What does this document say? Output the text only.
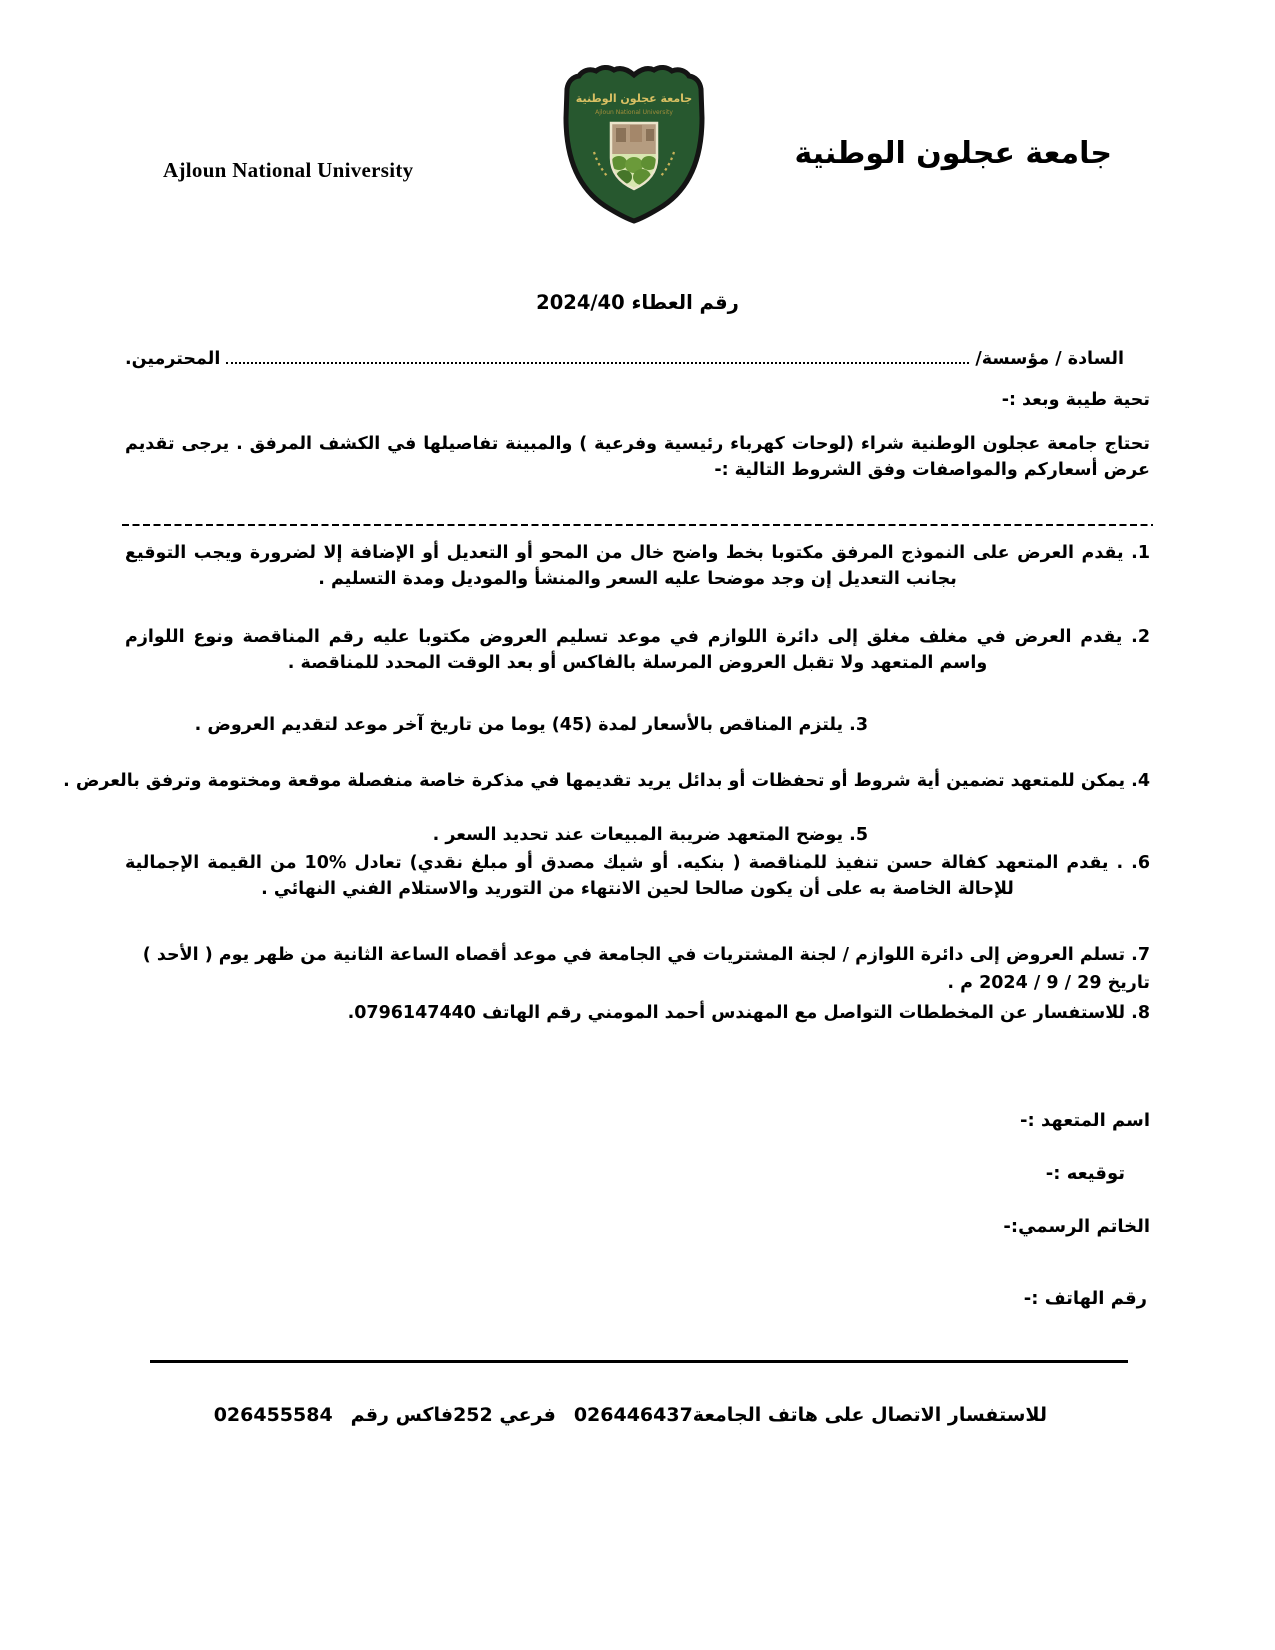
Ajloun National University
جامعة عجلون الوطنية
Ajloun National University
جامعة عجلون الوطنية
رقم العطاء 2024/40
السادة / مؤسسة/
المحترمين.
تحية طيبة وبعد :-
تحتاج جامعة عجلون الوطنية شراء (لوحات كهرباء رئيسية وفرعية ) والمبينة تفاصيلها في الكشف المرفق . يرجى تقديم عرض أسعاركم والمواصفات وفق الشروط التالية :-
1. يقدم العرض على النموذج المرفق مكتوبا بخط واضح خال من المحو أو التعديل أو الإضافة إلا لضرورة ويجب التوقيع بجانب التعديل إن وجد موضحا عليه السعر والمنشأ والموديل ومدة التسليم .
2. يقدم العرض في مغلف مغلق إلى دائرة اللوازم في موعد تسليم العروض مكتوبا عليه رقم المناقصة ونوع اللوازم واسم المتعهد ولا تقبل العروض المرسلة بالفاكس أو بعد الوقت المحدد للمناقصة .
3. يلتزم المناقص بالأسعار لمدة (45) يوما من تاريخ آخر موعد لتقديم العروض .
4. يمكن للمتعهد تضمين أية شروط أو تحفظات أو بدائل يريد تقديمها في مذكرة خاصة منفصلة موقعة ومختومة وترفق بالعرض .
5. يوضح المتعهد ضريبة المبيعات عند تحديد السعر .
6. . يقدم المتعهد كفالة حسن تنفيذ للمناقصة ( بنكيه. أو شيك مصدق أو مبلغ نقدي) تعادل %10 من القيمة الإجمالية للإحالة الخاصة به على أن يكون صالحا لحين الانتهاء من التوريد والاستلام الفني النهائي .
7. تسلم العروض إلى دائرة اللوازم / لجنة المشتريات في الجامعة في موعد أقصاه الساعة الثانية من ظهر يوم ( الأحد )
تاريخ 29 / 9 / 2024 م .
8. للاستفسار عن المخططات التواصل مع المهندس أحمد المومني رقم الهاتف 0796147440.
اسم المتعهد :-
توقيعه :-
الخاتم الرسمي:-
رقم الهاتف :-
للاستفسار الاتصال على هاتف الجامعة
026446437
فرعي 252
فاكس رقم
026455584
